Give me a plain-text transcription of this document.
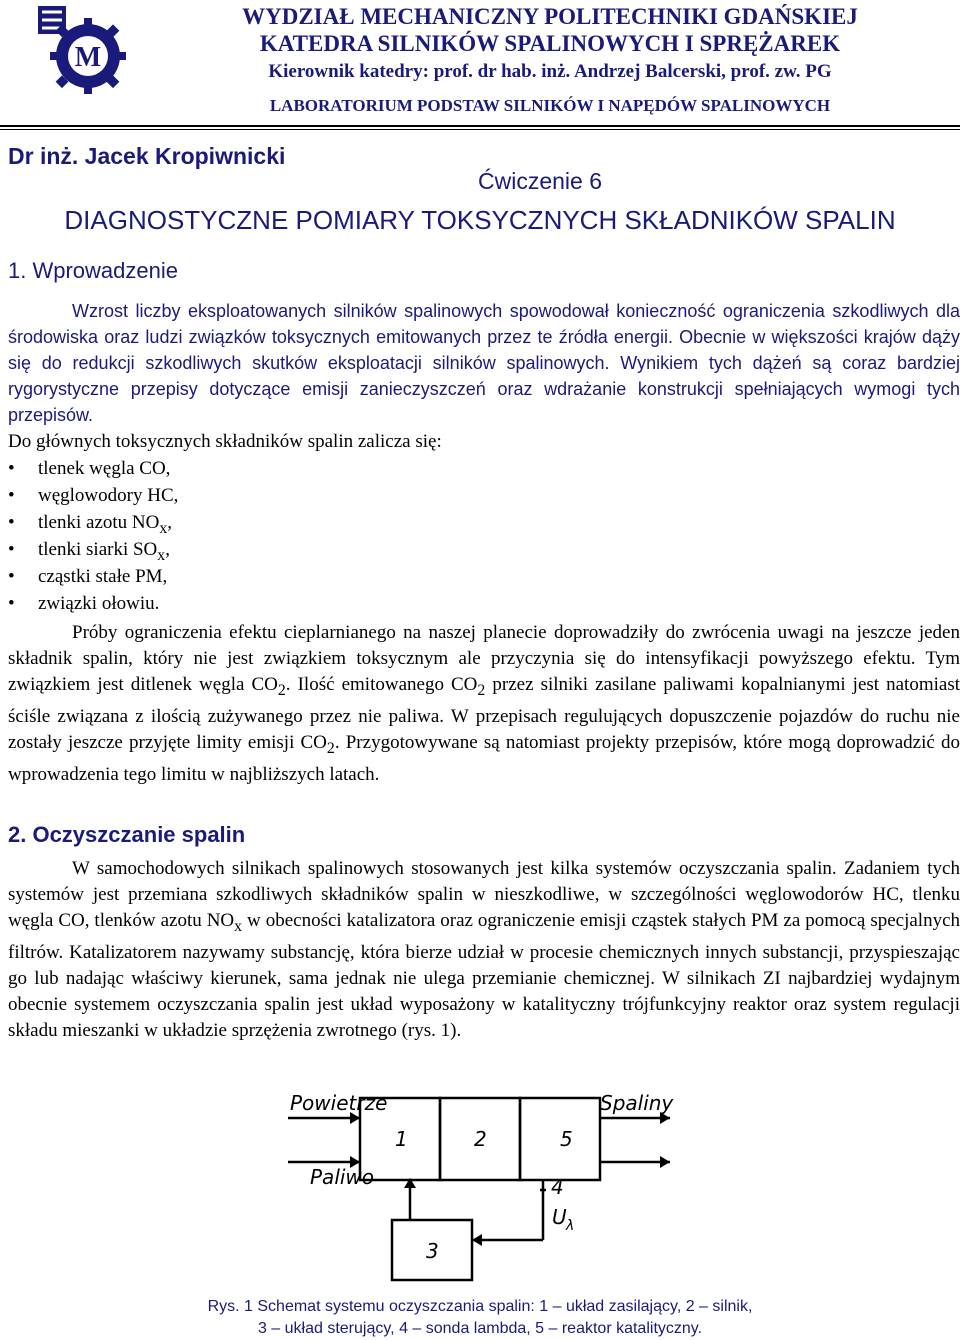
M
WYDZIAŁ MECHANICZNY POLITECHNIKI GDAŃSKIEJ
KATEDRA SILNIKÓW SPALINOWYCH I SPRĘŻAREK
Kierownik katedry: prof. dr hab. inż. Andrzej Balcerski, prof. zw. PG
LABORATORIUM PODSTAW SILNIKÓW I NAPĘDÓW SPALINOWYCH
Dr inż. Jacek Kropiwnicki
Ćwiczenie 6
DIAGNOSTYCZNE POMIARY TOKSYCZNYCH SKŁADNIKÓW SPALIN
1. Wprowadzenie
Wzrost liczby eksploatowanych silników spalinowych spowodował konieczność ograniczenia szkodliwych dla środowiska oraz ludzi związków toksycznych emitowanych przez te źródła energii. Obecnie w większości krajów dąży się do redukcji szkodliwych skutków eksploatacji silników spalinowych. Wynikiem tych dążeń są coraz bardziej rygorystyczne przepisy dotyczące emisji zanieczyszczeń oraz wdrażanie konstrukcji spełniających wymogi tych przepisów.
Do głównych toksycznych składników spalin zalicza się:
• tlenek węgla CO,
• węglowodory HC,
• tlenki azotu $NO_x$,
• tlenki siarki $SO_x$,
• cząstki stałe PM,
• związki ołowiu.
Próby ograniczenia efektu cieplarnianego na naszej planecie doprowadziły do zwrócenia uwagi na jeszcze jeden składnik spalin, który nie jest związkiem toksycznym ale przyczynia się do intensyfikacji powyższego efektu. Tym związkiem jest ditlenek węgla $CO_2$. Ilość emitowanego $CO_2$ przez silniki zasilane paliwami kopalnianymi jest natomiast ściśle związana z ilością zużywanego przez nie paliwa. W przepisach regulujących dopuszczenie pojazdów do ruchu nie zostały jeszcze przyjęte limity emisji $CO_2$. Przygotowywane są natomiast projekty przepisów, które mogą doprowadzić do wprowadzenia tego limitu w najbliższych latach.
2. Oczyszczanie spalin
W samochodowych silnikach spalinowych stosowanych jest kilka systemów oczyszczania spalin. Zadaniem tych systemów jest przemiana szkodliwych składników spalin w nieszkodliwe, w szczególności węglowodorów HC, tlenku węgla CO, tlenków azotu $NO_x$ w obecności katalizatora oraz ograniczenie emisji cząstek stałych PM za pomocą specjalnych filtrów. Katalizatorem nazywamy substancję, która bierze udział w procesie chemicznych innych substancji, przyspieszając go lub nadając właściwy kierunek, sama jednak nie ulega przemianie chemicznej. W silnikach ZI najbardziej wydajnym obecnie systemem oczyszczania spalin jest układ wyposażony w katalityczny trójfunkcyjny reaktor oraz system regulacji składu mieszanki w układzie sprzężenia zwrotnego (rys. 1).
Powietrze
Paliwo
Spaliny
1	2	5
3
4
U λ
Rys. 1 Schemat systemu oczyszczania spalin: 1 – układ zasilający, 2 – silnik,
3 – układ sterujący, 4 – sonda lambda, 5 – reaktor katalityczny.
